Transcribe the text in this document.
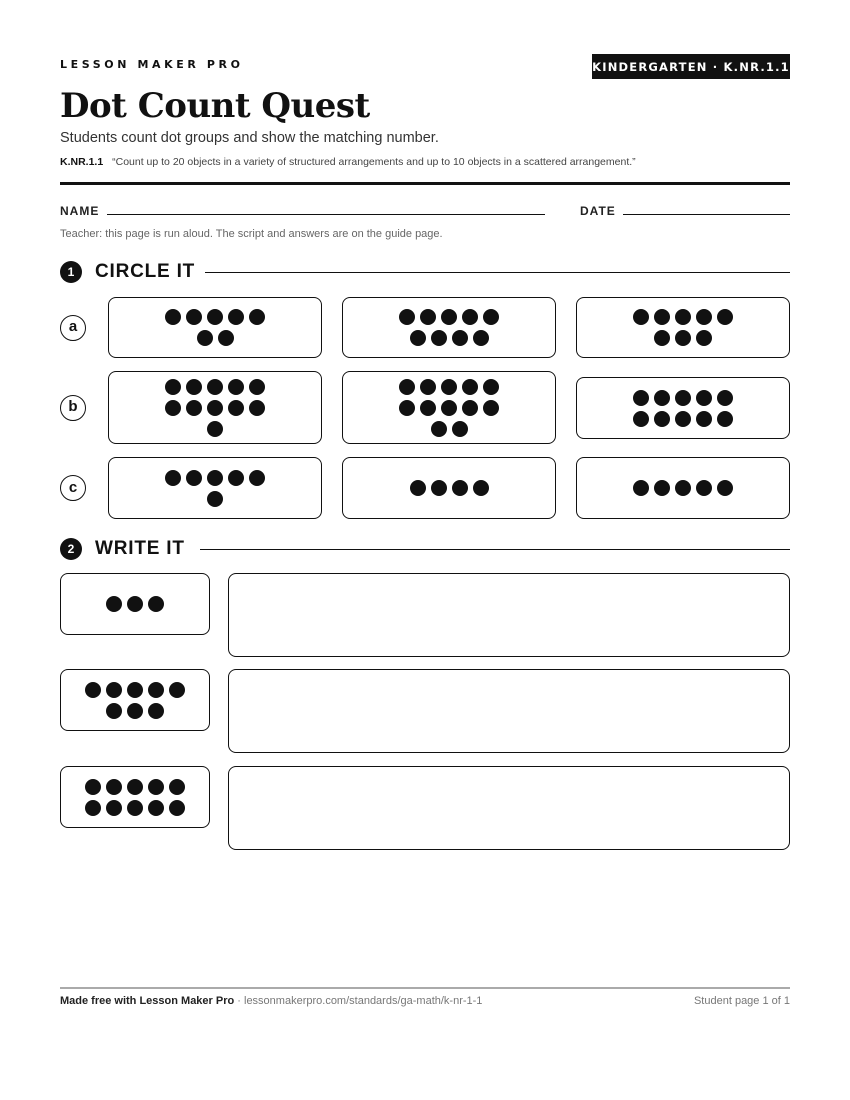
LESSON MAKER PRO	KINDERGARTEN · K.NR.1.1
Dot Count Quest
Students count dot groups and show the matching number.
K.NR.1.1 “Count up to 20 objects in a variety of structured arrangements and up to 10 objects in a scattered arrangement.”
NAME	DATE
Teacher: this page is run aloud. The script and answers are on the guide page.
1	CIRCLE IT
a
b
c
2	WRITE IT
Made free with Lesson Maker Pro · lessonmakerpro.com/standards/ga-math/k-nr-1-1	Student page 1 of 1
